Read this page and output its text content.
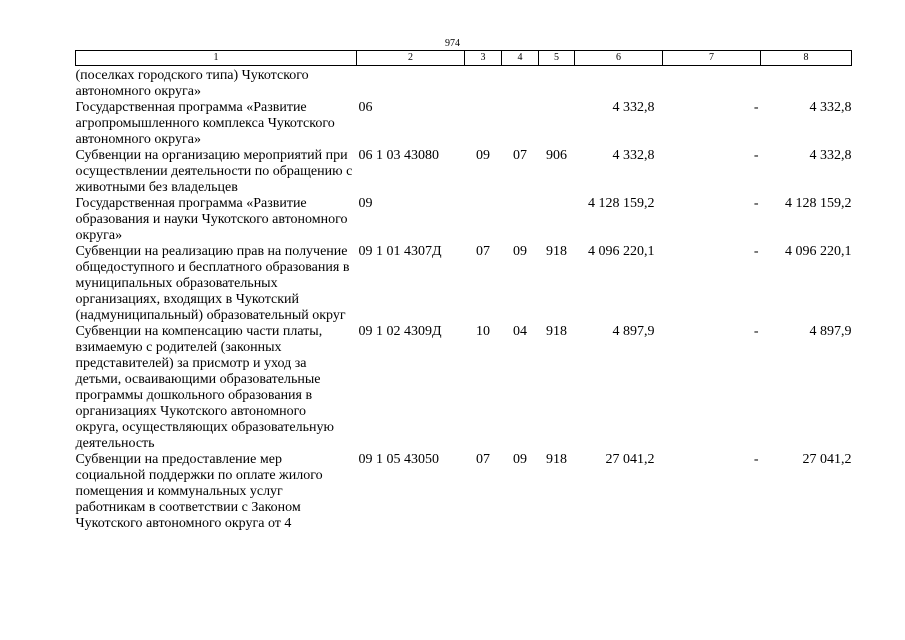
974
1	2	3	4	5	6	7	8
(поселках городского типа) Чукотского автономного округа»							
Государственная программа «Развитие агропромышленного комплекса Чукотского автономного округа»	06				4 332,8	-	4 332,8
Субвенции на организацию мероприятий при осуществлении деятельности по обращению с животными без владельцев	06 1 03 43080	09	07	906	4 332,8	-	4 332,8
Государственная программа «Развитие образования и науки Чукотского автономного округа»	09				4 128 159,2	-	4 128 159,2
Субвенции на реализацию прав на получение общедоступного и бесплатного образования в муниципальных образовательных организациях, входящих в Чукотский (надмуниципальный) образовательный округ	09 1 01 4307Д	07	09	918	4 096 220,1	-	4 096 220,1
Субвенции на компенсацию части платы, взимаемую с родителей (законных представителей) за присмотр и уход за детьми, осваивающими образовательные программы дошкольного образования в организациях Чукотского автономного округа, осуществляющих образовательную деятельность	09 1 02 4309Д	10	04	918	4 897,9	-	4 897,9
Субвенции на предоставление мер социальной поддержки по оплате жилого помещения и коммунальных услуг работникам в соответствии с Законом Чукотского автономного округа от 4	09 1 05 43050	07	09	918	27 041,2	-	27 041,2
